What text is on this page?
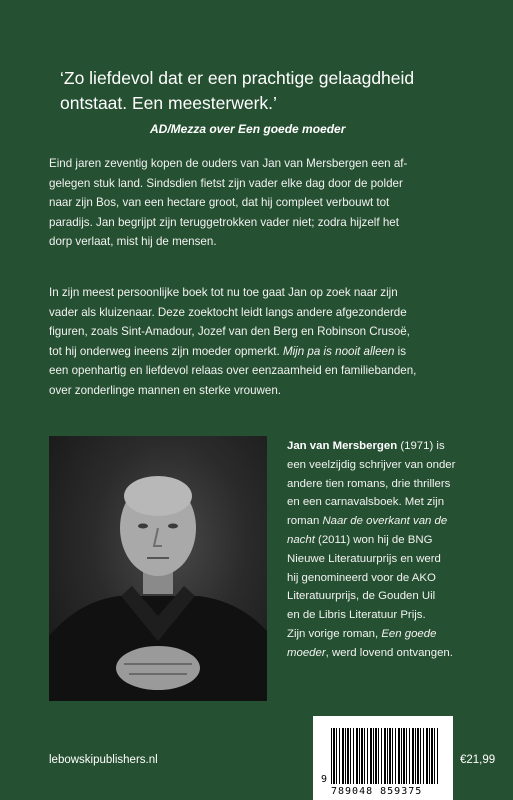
‘Zo liefdevol dat er een prachtige gelaagdheid
ontstaat. Een meesterwerk.’
AD/Mezza over Een goede moeder
Eind jaren zeventig kopen de ouders van Jan van Mersbergen een af-
gelegen stuk land. Sindsdien fietst zijn vader elke dag door de polder
naar zijn Bos, van een hectare groot, dat hij compleet verbouwt tot
paradijs. Jan begrijpt zijn teruggetrokken vader niet; zodra hijzelf het
dorp verlaat, mist hij de mensen.
In zijn meest persoonlijke boek tot nu toe gaat Jan op zoek naar zijn
vader als kluizenaar. Deze zoektocht leidt langs andere afgezonderde
figuren, zoals Sint-Amadour, Jozef van den Berg en Robinson Crusoë,
tot hij onderweg ineens zijn moeder opmerkt. Mijn pa is nooit alleen is
een openhartig en liefdevol relaas over eenzaamheid en familiebanden,
over zonderlinge mannen en sterke vrouwen.
Jan van Mersbergen (1971) is
een veelzijdig schrijver van onder
andere tien romans, drie thrillers
en een carnavalsboek. Met zijn
roman Naar de overkant van de
nacht (2011) won hij de BNG
Nieuwe Literatuurprijs en werd
hij genomineerd voor de AKO
Literatuurprijs, de Gouden Uil
en de Libris Literatuur Prijs.
Zijn vorige roman, Een goede
moeder, werd lovend ontvangen.
9
789048 859375
lebowskipublishers.nl	€21,99
